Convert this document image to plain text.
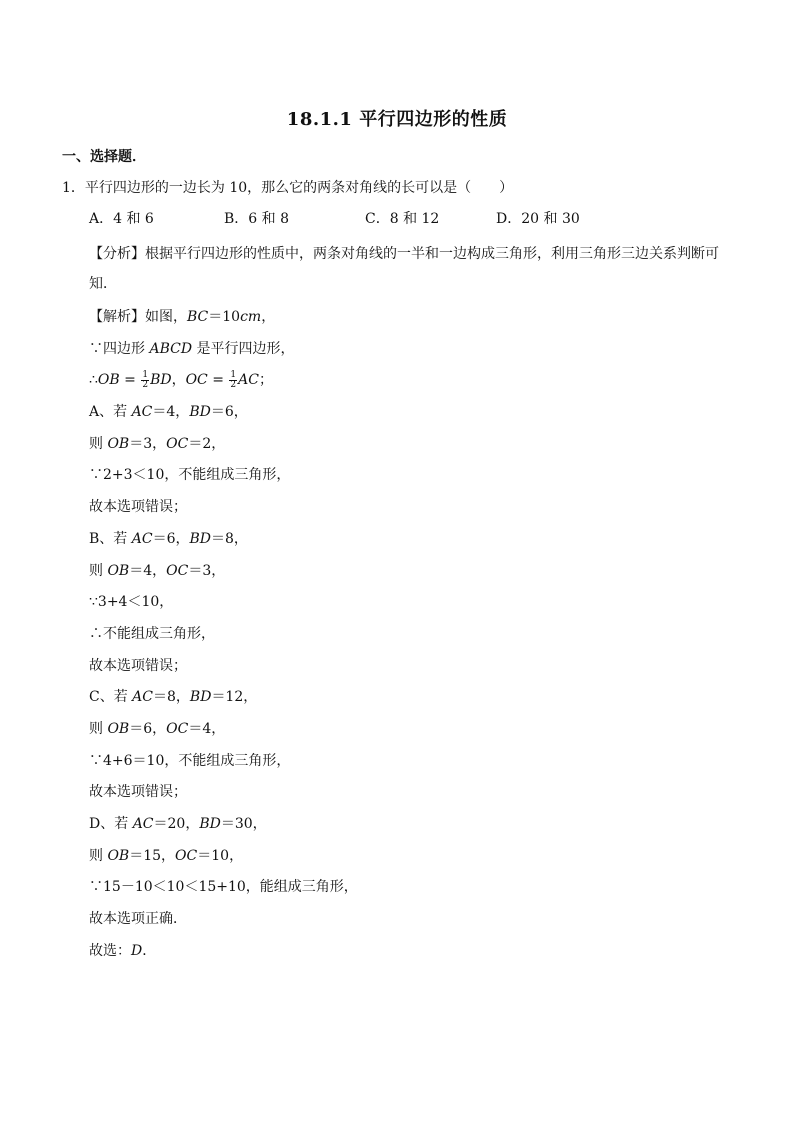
18.1.1 平行四边形的性质
一、选择题．
1．平行四边形的一边长为 10，那么它的两条对角线的长可以是（　　）
A．4 和 6	B．6 和 8	C．8 和 12	D．20 和 30
【分析】根据平行四边形的性质中，两条对角线的一半和一边构成三角形，利用三角形三边关系判断可知．
【解析】如图，BC＝10cm，
∵四边形 ABCD 是平行四边形，
∴OB = $\frac{1}{2}$ BD，OC = $\frac{1}{2}$ AC；
A、若 AC＝4，BD＝6，
则 OB＝3，OC＝2，
∵2+3＜10，不能组成三角形，
故本选项错误；
B、若 AC＝6，BD＝8，
则 OB＝4，OC＝3，
∵3+4＜10，
∴不能组成三角形，
故本选项错误；
C、若 AC＝8，BD＝12，
则 OB＝6，OC＝4，
∵4+6＝10，不能组成三角形，
故本选项错误；
D、若 AC＝20，BD＝30，
则 OB＝15，OC＝10，
∵15－10＜10＜15+10，能组成三角形，
故本选项正确．
故选：D．
